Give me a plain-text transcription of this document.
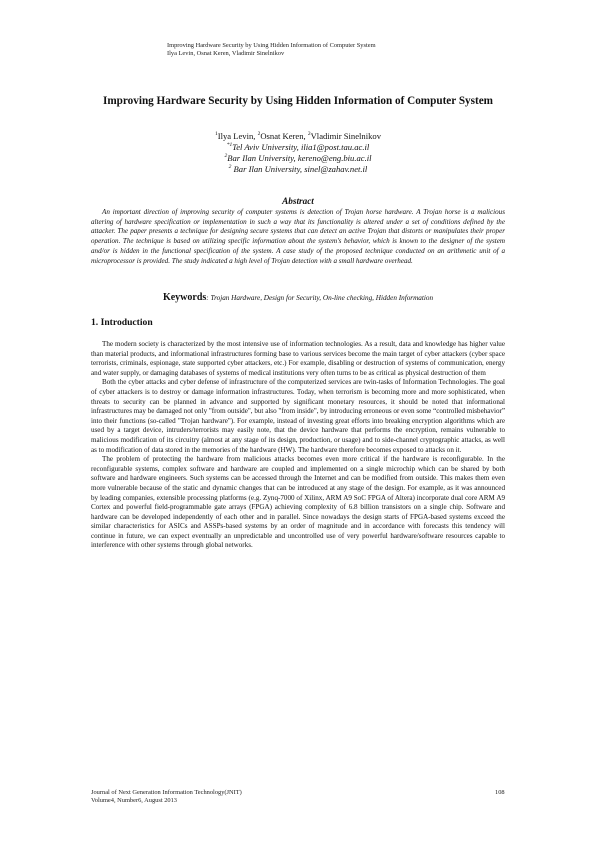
Improving Hardware Security by Using Hidden Information of Computer System
Ilya Levin, Osnat Keren, Vladimir Sinelnikov
Improving Hardware Security by Using Hidden Information of Computer System
$^1$Ilya Levin, $^2$Osnat Keren, $^2$Vladimir Sinelnikov
$^{*1}$Tel Aviv University, ilia1@post.tau.ac.il
$^2$Bar Ilan University, kereno@eng.biu.ac.il
$^2$ Bar Ilan University, sinel@zahav.net.il
Abstract

An important direction of improving security of computer systems is detection of Trojan horse hardware. A Trojan horse is a malicious altering of hardware specification or implementation in such a way that its functionality is altered under a set of conditions defined by the attacker. The paper presents a technique for designing secure systems that can detect an active Trojan that distorts or manipulates their proper operation. The technique is based on utilizing specific information about the system's behavior, which is known to the designer of the system and/or is hidden in the functional specification of the system. A case study of the proposed technique conducted on an arithmetic unit of a microprocessor is provided. The study indicated a high level of Trojan detection with a small hardware overhead.

Keywords: Trojan Hardware, Design for Security, On-line checking, Hidden Information
1. Introduction

The modern society is characterized by the most intensive use of information technologies. As a result, data and knowledge has higher value than material products, and informational infrastructures forming base to various services become the main target of cyber attackers (cyber space terrorists, criminals, espionage, state supported cyber attackers, etc.) For example, disabling or destruction of systems of communication, energy and water supply, or damaging databases of systems of medical institutions very often turns to be as critical as physical destruction of them

Both the cyber attacks and cyber defense of infrastructure of the computerized services are twin-tasks of Information Technologies. The goal of cyber attackers is to destroy or damage information infrastructures. Today, when terrorism is becoming more and more sophisticated, when threats to security can be planned in advance and supported by significant monetary resources, it should be noted that informational infrastructures may be damaged not only "from outside", but also "from inside", by introducing erroneous or even some “controlled misbehavior” into their functions (so-called "Trojan hardware"). For example, instead of investing great efforts into breaking encryption algorithms which are used by a target device, intruders/terrorists may easily note, that the device hardware that performs the encryption, remains vulnerable to malicious modification of its circuitry (almost at any stage of its design, production, or usage) and to side-channel cryptographic attacks, as well as to modification of data stored in the memories of the hardware (HW). The hardware therefore becomes exposed to attacks on it.

The problem of protecting the hardware from malicious attacks becomes even more critical if the hardware is reconfigurable. In the reconfigurable systems, complex software and hardware are coupled and implemented on a single microchip which can be shared by both software and hardware engineers. Such systems can be accessed through the Internet and can be modified from outside. This makes them even more vulnerable because of the static and dynamic changes that can be introduced at any stage of the design. For example, as it was announced by leading companies, extensible processing platforms (e.g. Zynq-7000 of Xilinx, ARM A9 SoC FPGA of Altera) incorporate dual core ARM A9 Cortex and powerful field-programmable gate arrays (FPGA) achieving complexity of 6.8 billion transistors on a single chip. Software and hardware can be developed independently of each other and in parallel. Since nowadays the design starts of FPGA-based systems exceed the similar characteristics for ASICs and ASSPs-based systems by an order of magnitude and in accordance with forecasts this tendency will continue in future, we can expect eventually an unpredictable and uncontrolled use of very powerful hardware/software resources capable to interference with other systems through global networks.

Journal of Next Generation Information Technology(JNIT)
Volume4, Number6, August 2013
108
